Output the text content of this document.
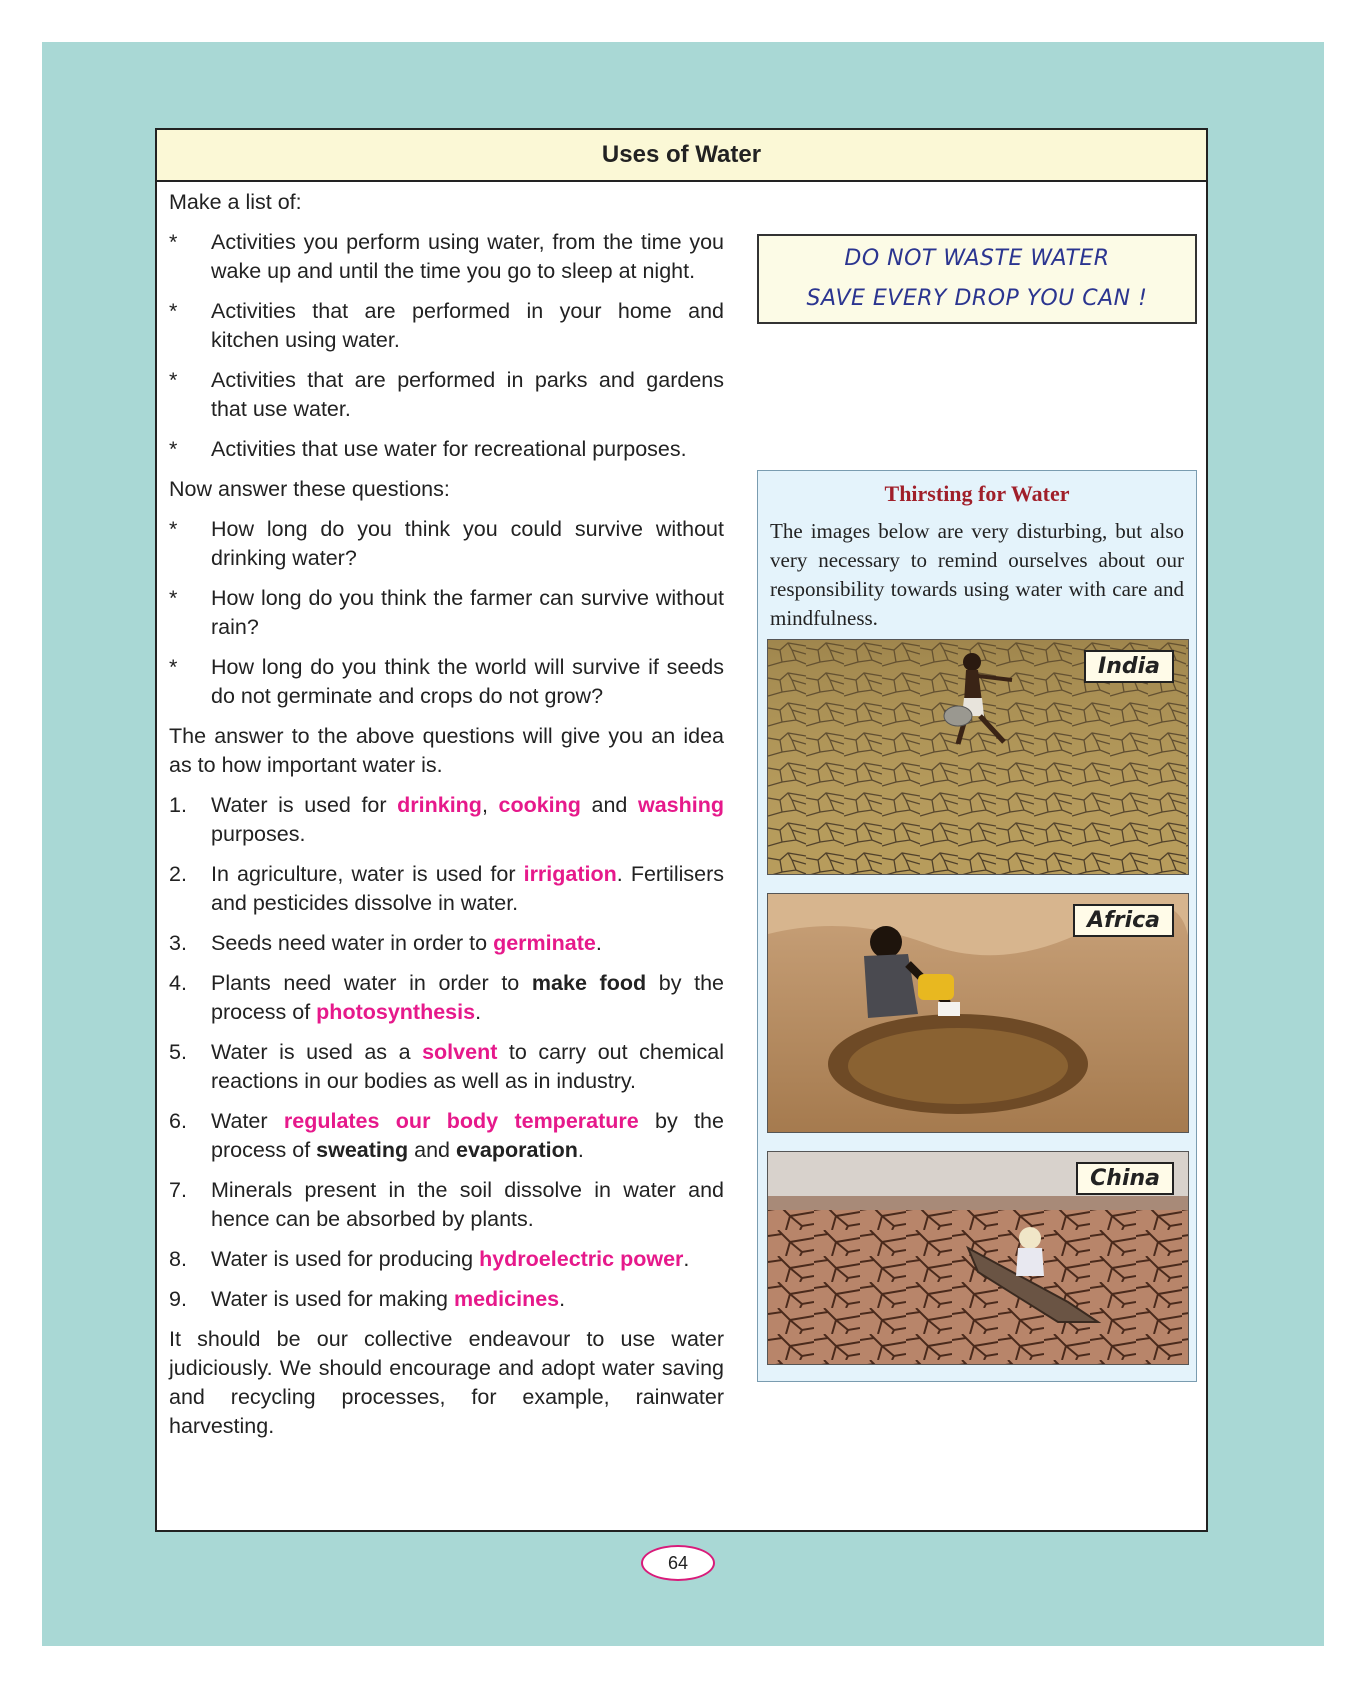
Uses of Water

Make a list of:

*	Activities you perform using water, from the time you wake up and until the time you go to sleep at night.
*	Activities that are performed in your home and kitchen using water.
*	Activities that are performed in parks and gardens that use water.
*	Activities that use water for recreational purposes.

Now answer these questions:

*	How long do you think you could survive without drinking water?
*	How long do you think the farmer can survive without rain?
*	How long do you think the world will survive if seeds do not germinate and crops do not grow?

The answer to the above questions will give you an idea as to how important water is.

1.	Water is used for drinking, cooking and washing purposes.
2.	In agriculture, water is used for irrigation. Fertilisers and pesticides dissolve in water.
3.	Seeds need water in order to germinate.
4.	Plants need water in order to make food by the process of photosynthesis.
5.	Water is used as a solvent to carry out chemical reactions in our bodies as well as in industry.
6.	Water regulates our body temperature by the process of sweating and evaporation.
7.	Minerals present in the soil dissolve in water and hence can be absorbed by plants.
8.	Water is used for producing hydroelectric power.
9.	Water is used for making medicines.

It should be our collective endeavour to use water judiciously. We should encourage and adopt water saving and recycling processes, for example, rainwater harvesting.

DO NOT WASTE WATER
SAVE EVERY DROP YOU CAN !
Thirsting for Water
The images below are very disturbing, but also very necessary to remind ourselves about our responsibility towards using water with care and mindfulness.
India
Africa
China
64
